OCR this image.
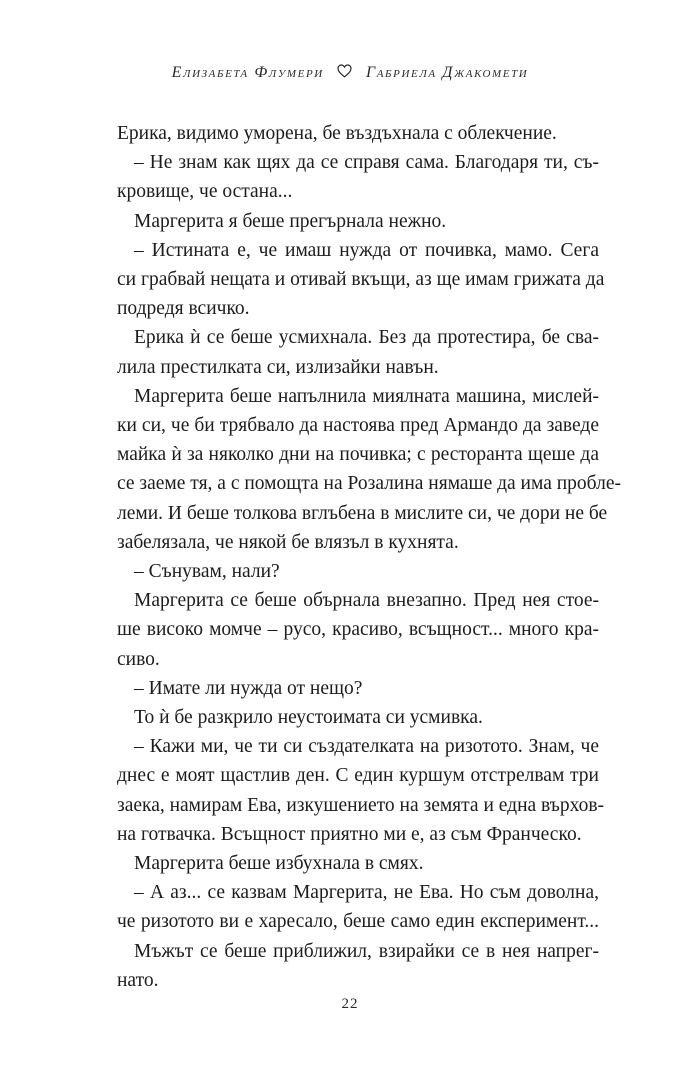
Елизабета Флумери	Габриела Джакомети
Ерика, видимо уморена, бе въздъхнала с облекчение.
– Не знам как щях да се справя сама. Благодаря ти, съ-
кровище, че остана...
Маргерита я беше прегърнала нежно.
– Истината е, че имаш нужда от почивка, мамо. Сега
си грабвай нещата и отивай вкъщи, аз ще имам грижата да
подредя всичко.
Ерика ѝ се беше усмихнала. Без да протестира, бе сва-
лила престилката си, излизайки навън.
Маргерита беше напълнила миялната машина, мислей-
ки си, че би трябвало да настоява пред Армандо да заведе
майка ѝ за няколко дни на почивка; с ресторанта щеше да
се заеме тя, а с помощта на Розалина нямаше да има пробле-
леми. И беше толкова вглъбена в мислите си, че дори не бе
забелязала, че някой бе влязъл в кухнята.
– Сънувам, нали?
Маргерита се беше обърнала внезапно. Пред нея стое-
ше високо момче – русо, красиво, всъщност... много кра-
сиво.
– Имате ли нужда от нещо?
То ѝ бе разкрило неустоимата си усмивка.
– Кажи ми, че ти си създателката на ризотото. Знам, че
днес е моят щастлив ден. С един куршум отстрелвам три
заека, намирам Ева, изкушението на земята и една върхов-
на готвачка. Всъщност приятно ми е, аз съм Франческо.
Маргерита беше избухнала в смях.
– А аз... се казвам Маргерита, не Ева. Но съм доволна,
че ризотото ви е харесало, беше само един експеримент...
Мъжът се беше приближил, взирайки се в нея напрег-
нато.
22
